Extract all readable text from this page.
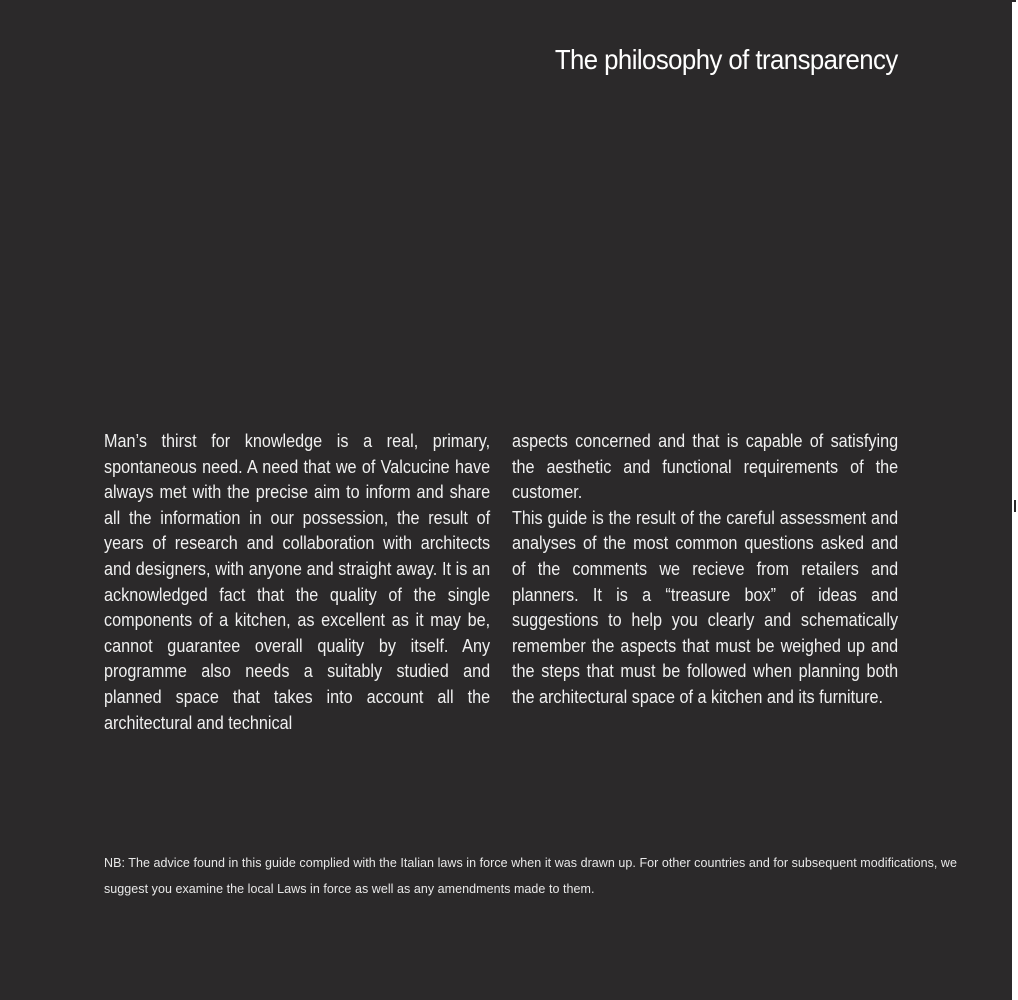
The philosophy of transparency

Man’s thirst for knowledge is a real, primary, spontaneous need. A need that we of Valcucine have always met with the precise aim to inform and share all the information in our possession, the result of years of research and collaboration with architects and designers, with anyone and straight away. It is an acknowledged fact that the quality of the single components of a kitchen, as excellent as it may be, cannot guarantee overall quality by itself. Any programme also needs a suitably studied and planned space that takes into account all the architectural and technical

aspects concerned and that is capable of satisfying the aesthetic and functional requirements of the customer.

This guide is the result of the careful assessment and analyses of the most common questions asked and of the comments we recieve from retailers and planners. It is a “treasure box” of ideas and suggestions to help you clearly and schematically remember the aspects that must be weighed up and the steps that must be followed when planning both the architectural space of a kitchen and its furniture.

NB: The advice found in this guide complied with the Italian laws in force when it was drawn up. For other countries and for subsequent modifications, we suggest you examine the local Laws in force as well as any amendments made to them.
